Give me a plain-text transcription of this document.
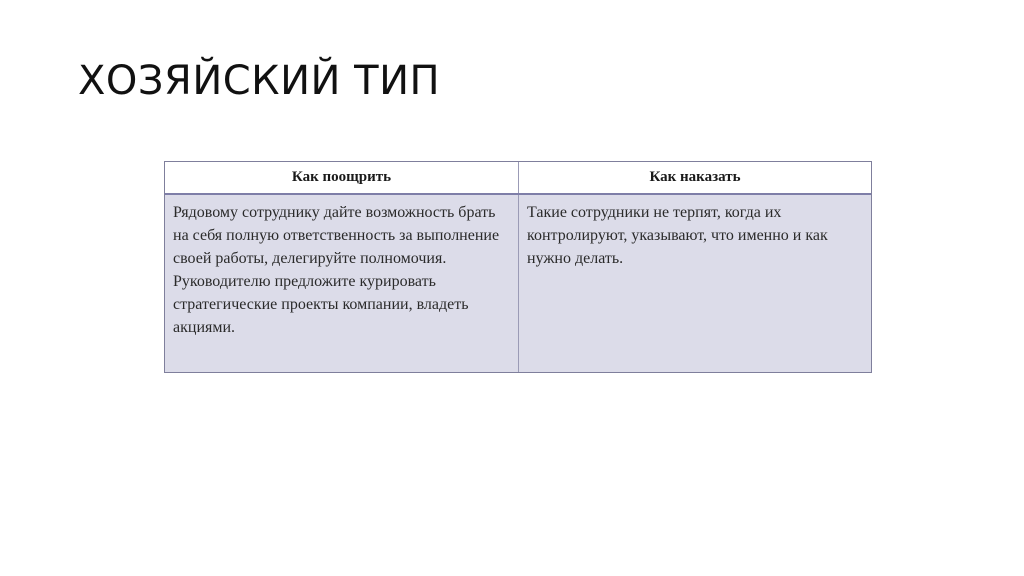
ХОЗЯЙСКИЙ ТИП
Как поощрить	Как наказать

Рядовому сотруднику дайте возможность брать на себя полную ответственность за выполнение своей работы, делегируйте полномочия.
Руководителю предложите курировать стратегические проекты компании, владеть акциями.	Такие сотрудники не терпят, когда их контролируют, указывают, что именно и как нужно делать.
